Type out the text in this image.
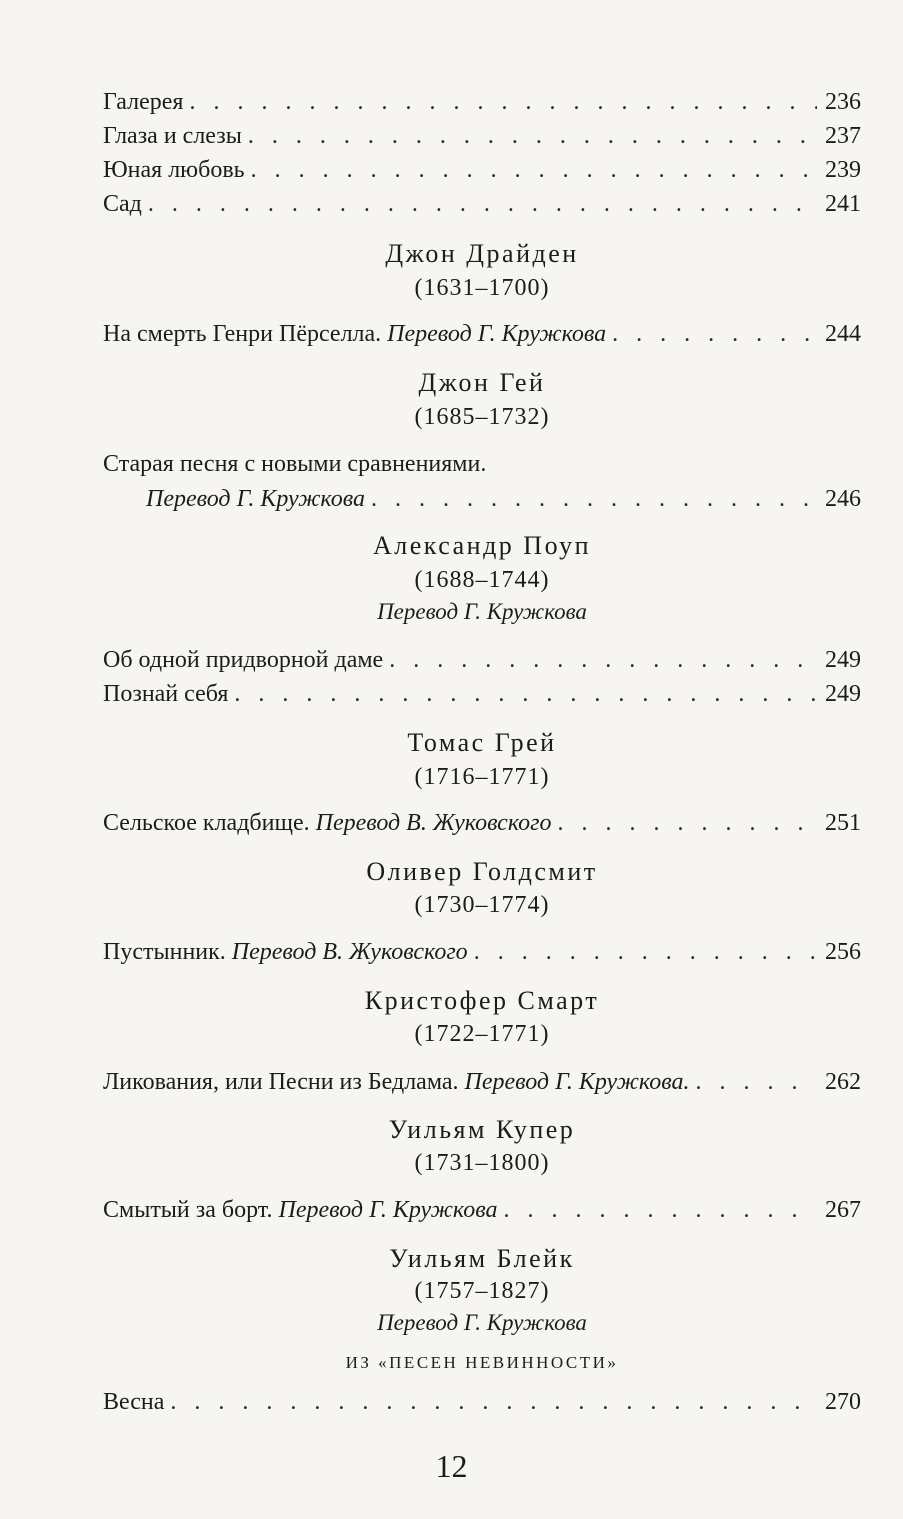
Галерея . . .	236
Глаза и слезы . . .	237
Юная любовь . . .	239
Сад . . .	241
Джон Драйден
(1631–1700)
На смерть Генри Пёрселла. Перевод Г. Кружкова . . .	244
Джон Гей
(1685–1732)
Старая песня с новыми сравнениями.
Перевод Г. Кружкова . . .	246
Александр Поуп
(1688–1744)
Перевод Г. Кружкова
Об одной придворной даме . . .	249
Познай себя . . .	249
Томас Грей
(1716–1771)
Сельское кладбище. Перевод В. Жуковского . . .	251
Оливер Голдсмит
(1730–1774)
Пустынник. Перевод В. Жуковского . . .	256
Кристофер Смарт
(1722–1771)
Ликования, или Песни из Бедлама. Перевод Г. Кружкова. . . .	262
Уильям Купер
(1731–1800)
Смытый за борт. Перевод Г. Кружкова . . .	267
Уильям Блейк
(1757–1827)
Перевод Г. Кружкова
ИЗ «ПЕСЕН НЕВИННОСТИ»
Весна . . .	270
12
